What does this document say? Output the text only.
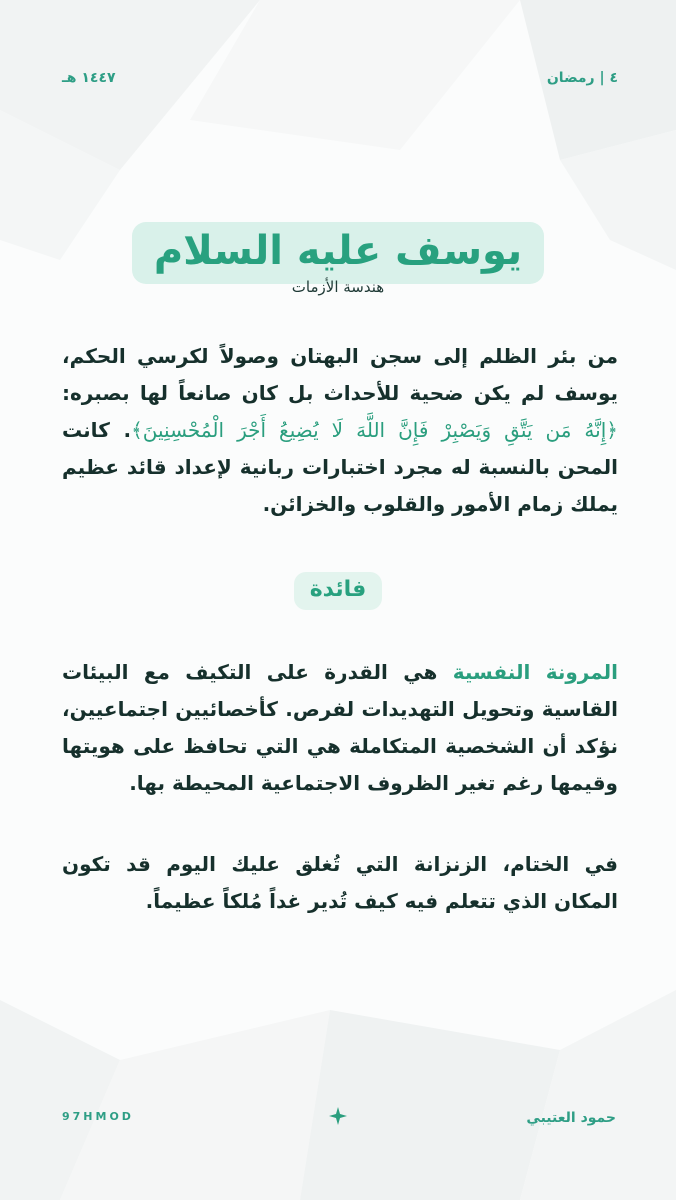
٤ | رمضان
١٤٤٧ هـ
يوسف عليه السلام
هندسة الأزمات
من بئر الظلم إلى سجن البهتان وصولاً لكرسي الحكم، يوسف لم يكن ضحية للأحداث بل كان صانعاً لها بصبره: ﴿إِنَّهُ مَن يَتَّقِ وَيَصْبِرْ فَإِنَّ اللَّهَ لَا يُضِيعُ أَجْرَ الْمُحْسِنِينَ﴾. كانت المحن بالنسبة له مجرد اختبارات ربانية لإعداد قائد عظيم يملك زمام الأمور والقلوب والخزائن.
فائدة
المرونة النفسية هي القدرة على التكيف مع البيئات القاسية وتحويل التهديدات لفرص. كأخصائيين اجتماعيين، نؤكد أن الشخصية المتكاملة هي التي تحافظ على هويتها وقيمها رغم تغير الظروف الاجتماعية المحيطة بها.
في الختام، الزنزانة التي تُغلق عليك اليوم قد تكون المكان الذي تتعلم فيه كيف تُدير غداً مُلكاً عظيماً.
حمود العتيبي
97HMOD
